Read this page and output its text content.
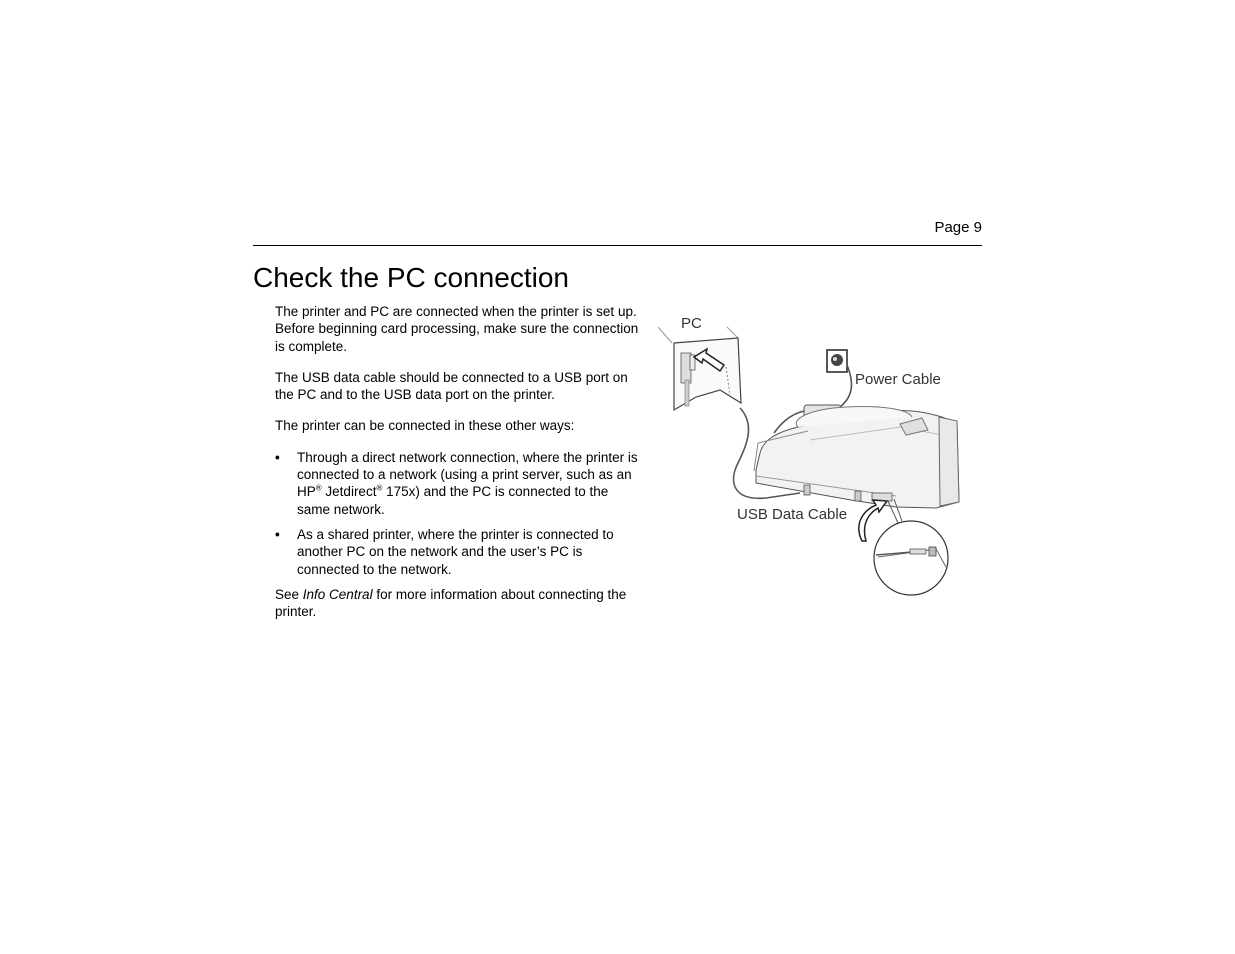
Page 9
Check the PC connection

The printer and PC are connected when the printer is set up. Before beginning card processing, make sure the connection is complete.

The USB data cable should be connected to a USB port on the PC and to the USB data port on the printer.

The printer can be connected in these other ways:

• Through a direct network connection, where the printer is connected to a network (using a print server, such as an HP® Jetdirect® 175x) and the PC is connected to the same network.
• As a shared printer, where the printer is connected to another PC on the network and the user’s PC is connected to the network.

See Info Central for more information about connecting the printer.

PC
Power Cable
USB Data Cable
